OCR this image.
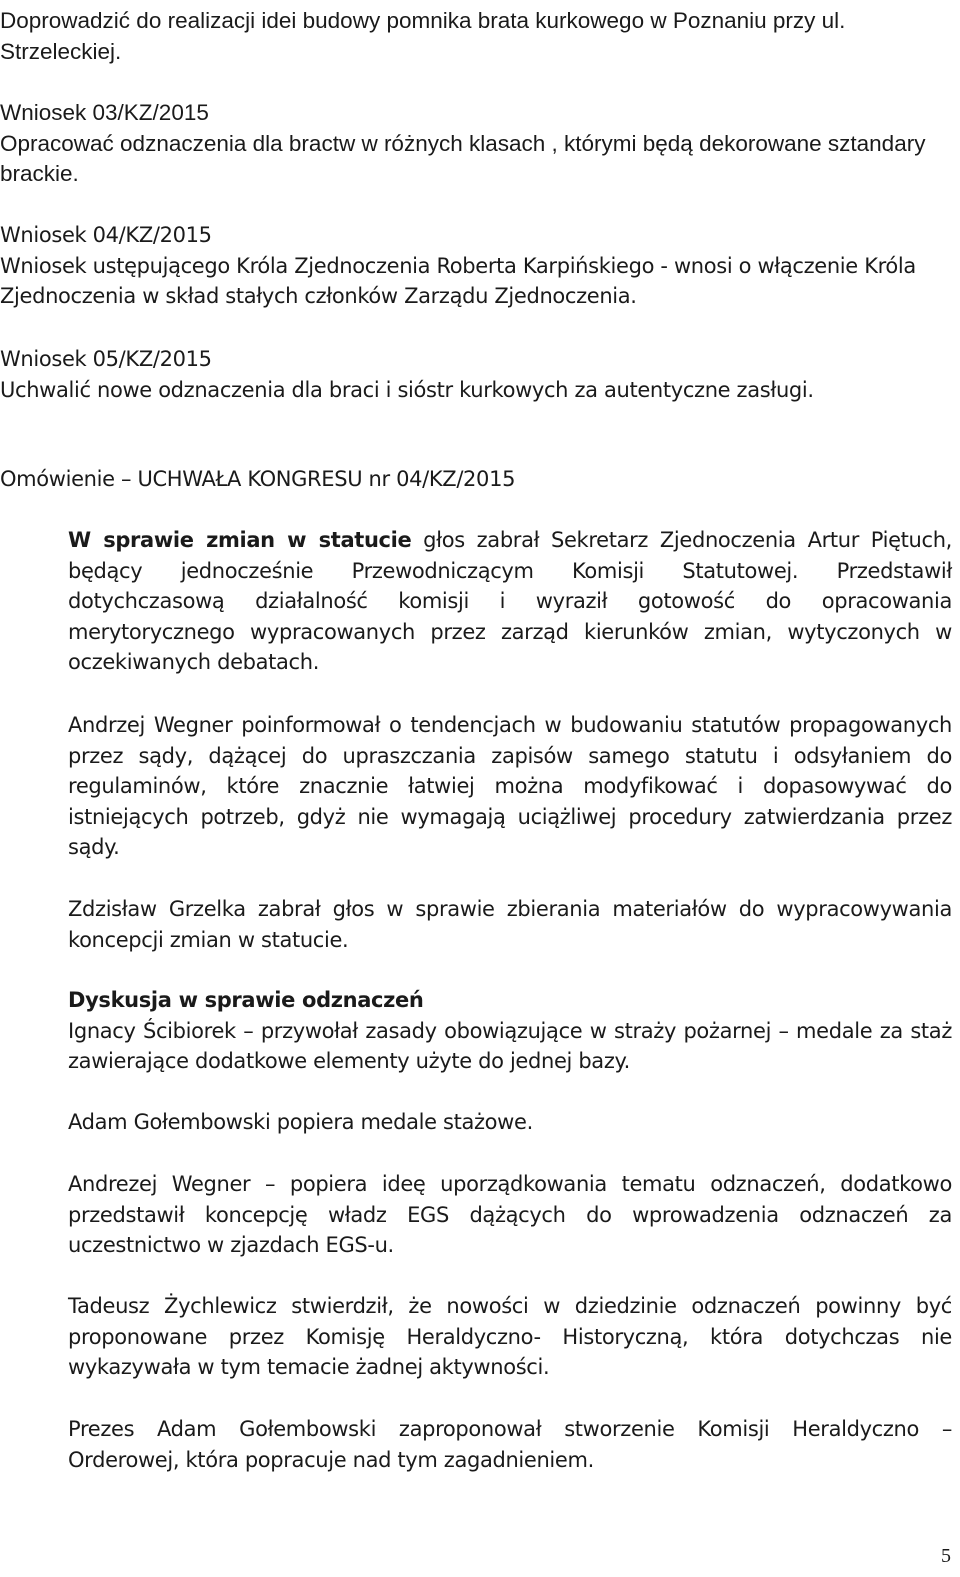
Doprowadzić do realizacji idei budowy pomnika brata kurkowego w Poznaniu przy ul. Strzeleckiej.

Wniosek 03/KZ/2015
Opracować odznaczenia dla bractw w różnych klasach , którymi będą dekorowane sztandary brackie.
Wniosek 04/KZ/2015
Wniosek ustępującego Króla Zjednoczenia Roberta Karpińskiego - wnosi o włączenie Króla Zjednoczenia w skład stałych członków Zarządu Zjednoczenia.
Wniosek 05/KZ/2015
Uchwalić nowe odznaczenia dla braci i sióstr kurkowych za autentyczne zasługi.

Omówienie – UCHWAŁA KONGRESU nr 04/KZ/2015

W sprawie zmian w statucie głos zabrał Sekretarz Zjednoczenia Artur Piętuch, będący jednocześnie Przewodniczącym Komisji Statutowej. Przedstawił dotychczasową działalność komisji i wyraził gotowość do opracowania merytorycznego wypracowanych przez zarząd kierunków zmian, wytyczonych w oczekiwanych debatach.

Andrzej Wegner poinformował o tendencjach w budowaniu statutów propagowanych przez sądy, dążącej do upraszczania zapisów samego statutu i odsyłaniem do regulaminów, które znacznie łatwiej można modyfikować i dopasowywać do istniejących potrzeb, gdyż nie wymagają uciążliwej procedury zatwierdzania przez sądy.

Zdzisław Grzelka zabrał głos w sprawie zbierania materiałów do wypracowywania koncepcji zmian w statucie.

Dyskusja w sprawie odznaczeń
Ignacy Ścibiorek – przywołał zasady obowiązujące w straży pożarnej – medale za staż zawierające dodatkowe elementy użyte do jednej bazy.

Adam Gołembowski popiera medale stażowe.

Andrezej Wegner – popiera ideę uporządkowania tematu odznaczeń, dodatkowo przedstawił koncepcję władz EGS dążących do wprowadzenia odznaczeń za uczestnictwo w zjazdach EGS-u.

Tadeusz Żychlewicz stwierdził, że nowości w dziedzinie odznaczeń powinny być proponowane przez Komisję Heraldyczno- Historyczną, która dotychczas nie wykazywała w tym temacie żadnej aktywności.

Prezes Adam Gołembowski zaproponował stworzenie Komisji Heraldyczno – Orderowej, która popracuje nad tym zagadnieniem.

5
